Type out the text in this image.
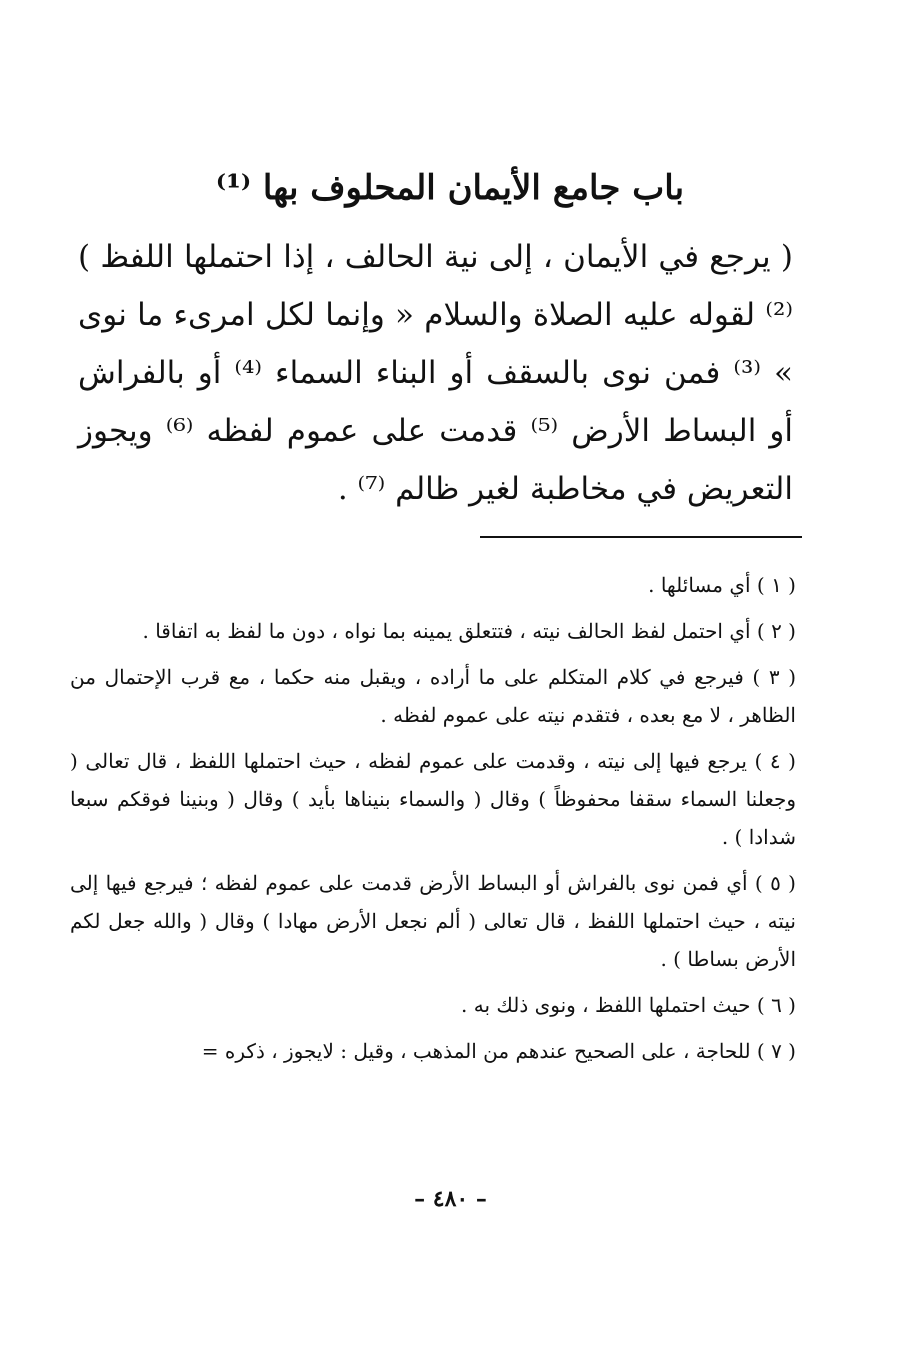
باب جامع الأيمان المحلوف بها ⁽¹⁾

( يرجع في الأيمان ، إلى نية الحالف ، إذا احتملها اللفظ ) ⁽²⁾ لقوله عليه الصلاة والسلام « وإنما لكل امرىء ما نوى » ⁽³⁾ فمن نوى بالسقف أو البناء السماء ⁽⁴⁾ أو بالفراش أو البساط الأرض ⁽⁵⁾ قدمت على عموم لفظه ⁽⁶⁾ ويجوز التعريض في مخاطبة لغير ظالم ⁽⁷⁾ .

( ١ ) أي مسائلها .

( ٢ ) أي احتمل لفظ الحالف نيته ، فتتعلق يمينه بما نواه ، دون ما لفظ به اتفاقا .

( ٣ ) فيرجع في كلام المتكلم على ما أراده ، ويقبل منه حكما ، مع قرب الإحتمال من الظاهر ، لا مع بعده ، فتقدم نيته على عموم لفظه .

( ٤ ) يرجع فيها إلى نيته ، وقدمت على عموم لفظه ، حيث احتملها اللفظ ، قال تعالى ( وجعلنا السماء سقفا محفوظاً ) وقال ( والسماء بنيناها بأيد ) وقال ( وبنينا فوقكم سبعا شدادا ) .

( ٥ ) أي فمن نوى بالفراش أو البساط الأرض قدمت على عموم لفظه ؛ فيرجع فيها إلى نيته ، حيث احتملها اللفظ ، قال تعالى ( ألم نجعل الأرض مهادا ) وقال ( والله جعل لكم الأرض بساطا ) .

( ٦ ) حيث احتملها اللفظ ، ونوى ذلك به .

( ٧ ) للحاجة ، على الصحيح عندهم من المذهب ، وقيل : لايجوز ، ذكره =

– ٤٨٠ –
